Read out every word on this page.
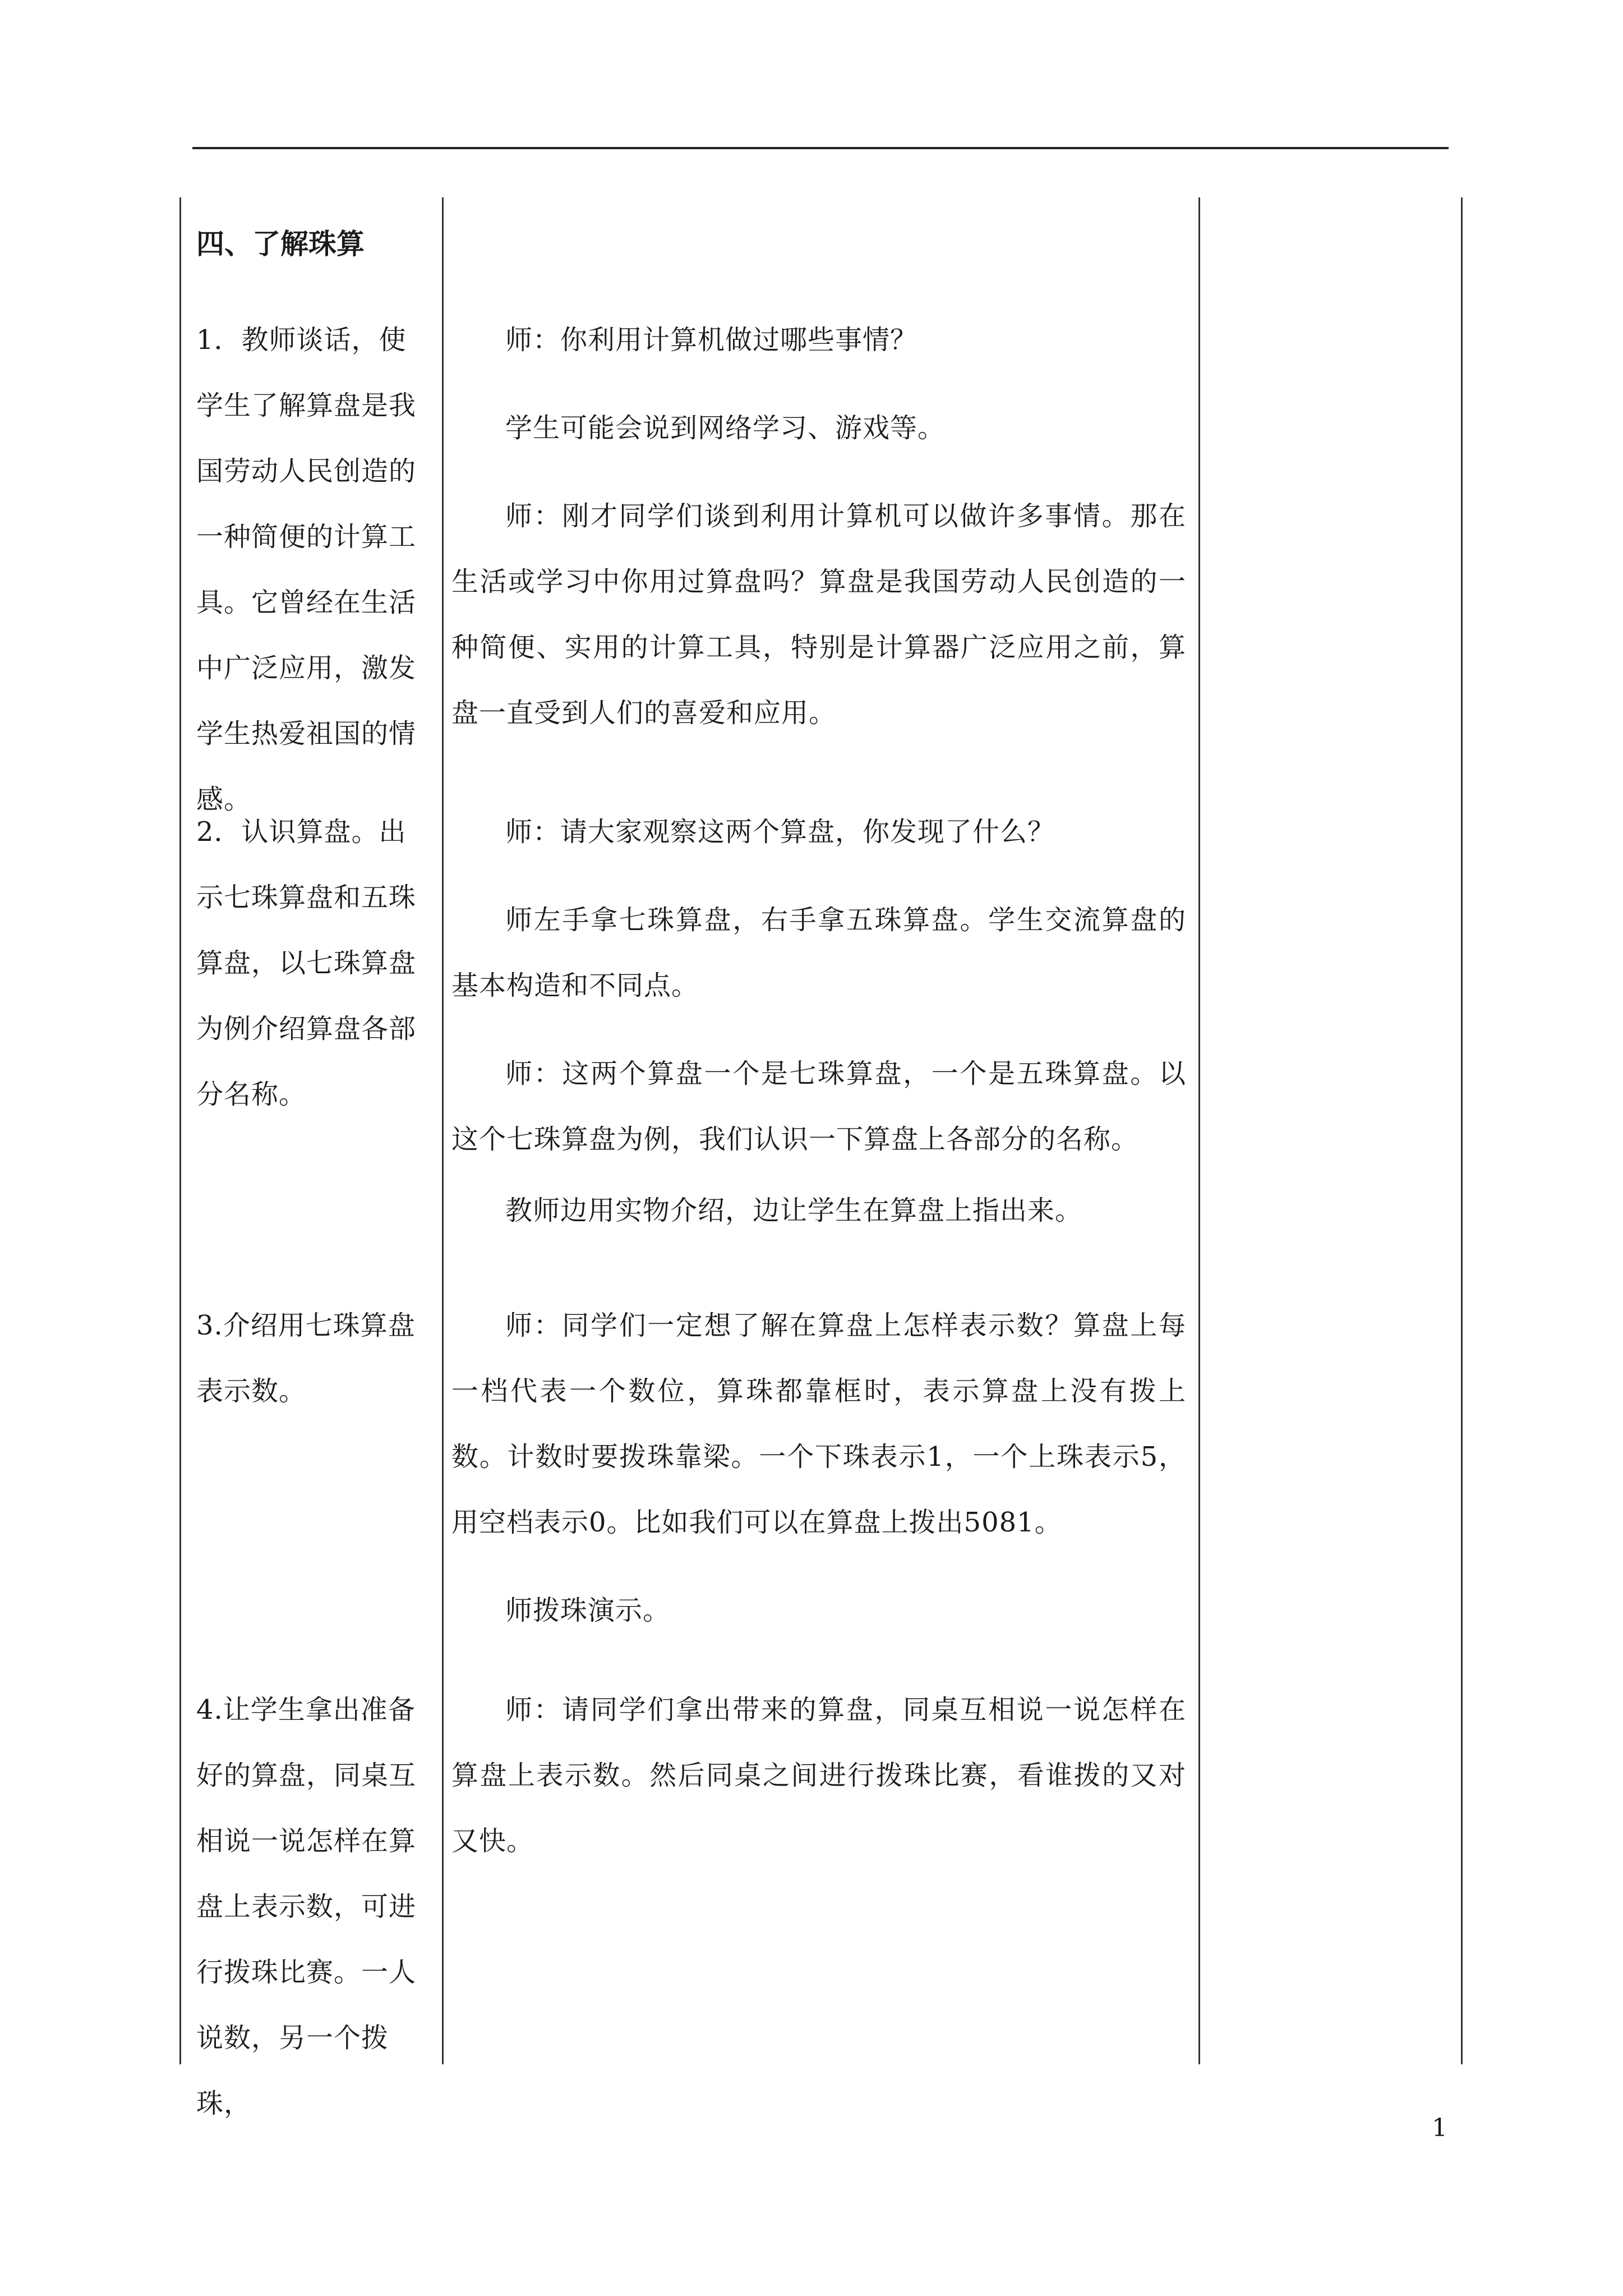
四、了解珠算
1．教师谈话，使学生了解算盘是我国劳动人民创造的一种简便的计算工具。它曾经在生活中广泛应用，激发学生热爱祖国的情感。
2．认识算盘。出示七珠算盘和五珠算盘，以七珠算盘为例介绍算盘各部分名称。
3.介绍用七珠算盘表示数。
4.让学生拿出准备好的算盘，同桌互相说一说怎样在算盘上表示数，可进行拨珠比赛。一人说数，另一个拨珠，

师：你利用计算机做过哪些事情？

学生可能会说到网络学习、游戏等。

师：刚才同学们谈到利用计算机可以做许多事情。那在生活或学习中你用过算盘吗？算盘是我国劳动人民创造的一种简便、实用的计算工具，特别是计算器广泛应用之前，算盘一直受到人们的喜爱和应用。

师：请大家观察这两个算盘，你发现了什么？

师左手拿七珠算盘，右手拿五珠算盘。学生交流算盘的基本构造和不同点。

师：这两个算盘一个是七珠算盘，一个是五珠算盘。以这个七珠算盘为例，我们认识一下算盘上各部分的名称。

教师边用实物介绍，边让学生在算盘上指出来。

师：同学们一定想了解在算盘上怎样表示数？算盘上每一档代表一个数位，算珠都靠框时，表示算盘上没有拨上数。计数时要拨珠靠梁。一个下珠表示1，一个上珠表示5，用空档表示0。比如我们可以在算盘上拨出5081。

师拨珠演示。

师：请同学们拿出带来的算盘，同桌互相说一说怎样在算盘上表示数。然后同桌之间进行拨珠比赛，看谁拨的又对又快。

1
